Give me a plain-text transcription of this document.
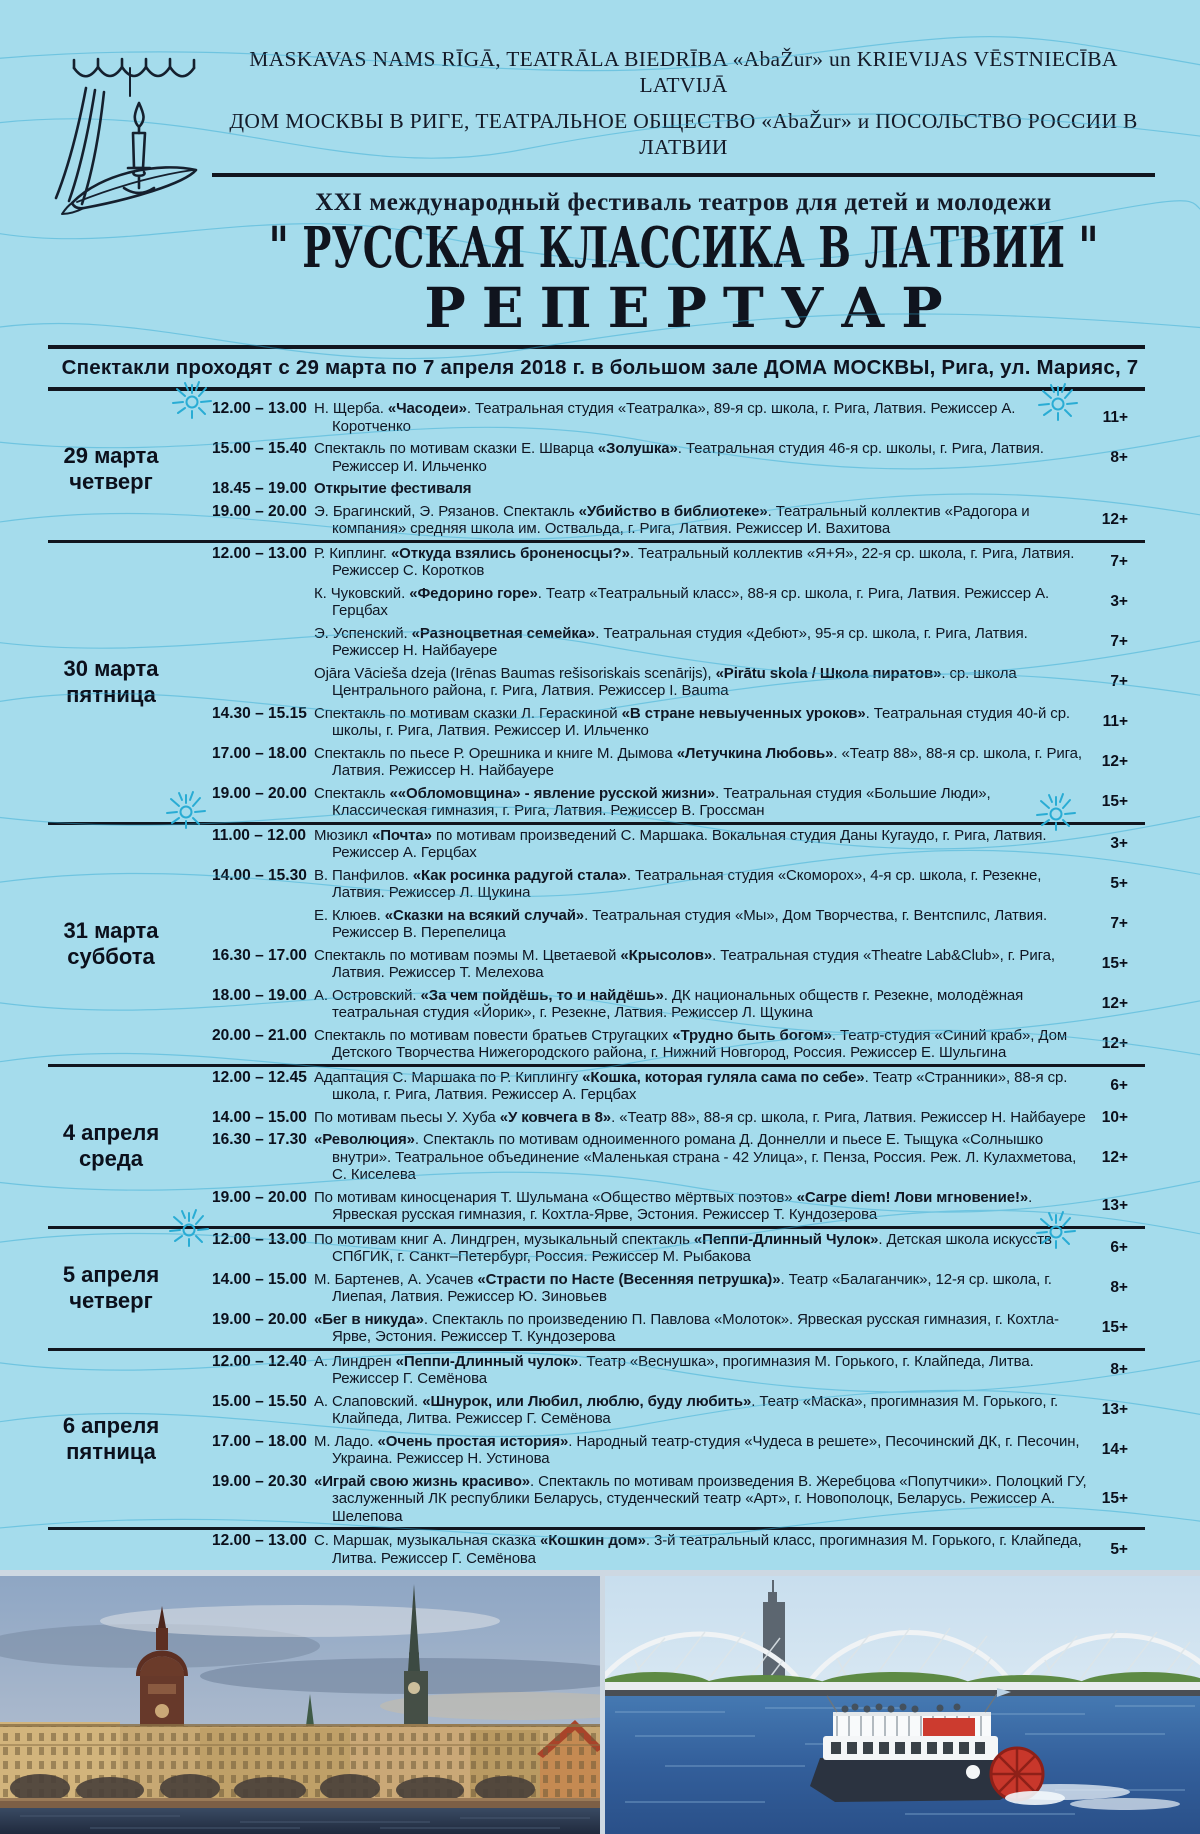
MASKAVAS NAMS RĪGĀ, TEATRĀLA BIEDRĪBA «AbaŽur» un KRIEVIJAS VĒSTNIECĪBA LATVIJĀ
ДОМ МОСКВЫ В РИГЕ, ТЕАТРАЛЬНОЕ ОБЩЕСТВО «AbaŽur» и ПОСОЛЬСТВО РОССИИ В ЛАТВИИ
XXI международный фестиваль театров для детей и молодежи
" РУССКАЯ КЛАССИКА В ЛАТВИИ "
РЕПЕРТУАР
Спектакли проходят с 29 марта по 7 апреля 2018 г. в большом зале ДОМА МОСКВЫ, Рига, ул. Марияс, 7
29 марта
четверг
12.00 – 13.00 Н. Щерба. «Часодеи». Театральная студия «Театралка», 89-я ср. школа, г. Рига, Латвия. Режиссер А. Коротченко
11+
15.00 – 15.40 Спектакль по мотивам сказки Е. Шварца «Золушка». Театральная студия 46-я ср. школы, г. Рига, Латвия. Режиссер И. Ильченко
8+
18.45 – 19.00 Открытие фестиваля
19.00 – 20.00 Э. Брагинский, Э. Рязанов. Спектакль «Убийство в библиотеке». Театральный коллектив «Радогора и компания» средняя школа им. Оствальда, г. Рига, Латвия. Режиссер И. Вахитова
12+
30 марта
пятница
12.00 – 13.00 Р. Киплинг. «Откуда взялись броненосцы?». Театральный коллектив «Я+Я», 22-я ср. школа, г. Рига, Латвия. Режиссер С. Коротков
7+
К. Чуковский. «Федорино горе». Театр «Театральный класс», 88-я ср. школа, г. Рига, Латвия. Режиссер А. Герцбах
3+
Э. Успенский. «Разноцветная семейка». Театральная студия «Дебют», 95-я ср. школа, г. Рига, Латвия. Режиссер Н. Найбауере
7+
Ojāra Vācieša dzeja (Irēnas Baumas rešisoriskais scenārijs), «Pirātu skola / Школа пиратов». ср. школа Центрального района, г. Рига, Латвия. Режиссер I. Bauma
7+
14.30 – 15.15 Спектакль по мотивам сказки Л. Гераскиной «В стране невыученных уроков». Театральная студия 40-й ср. школы, г. Рига, Латвия. Режиссер И. Ильченко
11+
17.00 – 18.00 Спектакль по пьесе Р. Орешника и книге М. Дымова «Летучкина Любовь». «Театр 88», 88-я ср. школа, г. Рига, Латвия. Режиссер Н. Найбауере
12+
19.00 – 20.00 Спектакль ««Обломовщина» - явление русской жизни». Театральная студия «Большие Люди», Классическая гимназия, г. Рига, Латвия. Режиссер В. Гроссман
15+
31 марта
суббота
11.00 – 12.00 Мюзикл «Почта» по мотивам произведений С. Маршака. Вокальная студия Даны Кугаудо, г. Рига, Латвия. Режиссер А. Герцбах
3+
14.00 – 15.30 В. Панфилов. «Как росинка радугой стала». Театральная студия «Скоморох», 4-я ср. школа, г. Резекне, Латвия. Режиссер Л. Щукина
5+
Е. Клюев. «Сказки на всякий случай». Театральная студия «Мы», Дом Творчества, г. Вентспилс, Латвия. Режиссер В. Перепелица
7+
16.30 – 17.00 Спектакль по мотивам поэмы М. Цветаевой «Крысолов». Театральная студия «Theatre Lab&Club», г. Рига, Латвия. Режиссер Т. Мелехова
15+
18.00 – 19.00 А. Островский. «За чем пойдёшь, то и найдёшь». ДК национальных обществ г. Резекне, молодёжная театральная студия «Йорик», г. Резекне, Латвия. Режиссер Л. Щукина
12+
20.00 – 21.00 Спектакль по мотивам повести братьев Стругацких «Трудно быть богом». Театр-студия «Синий краб», Дом Детского Творчества Нижегородского района, г. Нижний Новгород, Россия. Режиссер Е. Шульгина
12+
4 апреля
среда
12.00 – 12.45 Адаптация С. Маршака по Р. Киплингу «Кошка, которая гуляла сама по себе». Театр «Странники», 88-я ср. школа, г. Рига, Латвия. Режиссер А. Герцбах
6+
14.00 – 15.00 По мотивам пьесы У. Хуба «У ковчега в 8». «Театр 88», 88-я ср. школа, г. Рига, Латвия. Режиссер Н. Найбауере	10+
16.30 – 17.30 «Революция». Спектакль по мотивам одноименного романа Д. Доннелли и пьесе Е. Тыщука «Солнышко внутри». Театральное объединение «Маленькая страна - 42 Улица», г. Пенза, Россия. Реж. Л. Кулахметова, С. Киселева
12+
19.00 – 20.00 По мотивам киносценария Т. Шульмана «Общество мёртвых поэтов» «Carpe diem! Лови мгновение!». Ярвеская русская гимназия, г. Кохтла-Ярве, Эстония. Режиссер Т. Кундозерова
13+
5 апреля
четверг
12.00 – 13.00 По мотивам книг А. Линдгрен, музыкальный спектакль «Пеппи-Длинный Чулок». Детская школа искусств СПбГИК, г. Санкт–Петербург, Россия. Режиссер М. Рыбакова
6+
14.00 – 15.00 М. Бартенев, А. Усачев «Страсти по Насте (Весенняя петрушка)». Театр «Балаганчик», 12-я ср. школа, г. Лиепая, Латвия. Режиссер Ю. Зиновьев
8+
19.00 – 20.00 «Бег в никуда». Спектакль по произведению П. Павлова «Молоток». Ярвеская русская гимназия, г. Кохтла-Ярве, Эстония. Режиссер Т. Кундозерова
15+
6 апреля
пятница
12.00 – 12.40 А. Линдрен «Пеппи-Длинный чулок». Театр «Веснушка», прогимназия М. Горького, г. Клайпеда, Литва. Режиссер Г. Семёнова
8+
15.00 – 15.50 А. Слаповский. «Шнурок, или Любил, люблю, буду любить». Театр «Маска», прогимназия М. Горького, г. Клайпеда, Литва. Режиссер Г. Семёнова
13+
17.00 – 18.00 М. Ладо. «Очень простая история». Народный театр-студия «Чудеса в решете», Песочинский ДК, г. Песочин, Украина. Режиссер Н. Устинова
14+
19.00 – 20.30 «Играй свою жизнь красиво». Спектакль по мотивам произведения В. Жеребцова «Попутчики». Полоцкий ГУ, заслуженный ЛК республики Беларусь, студенческий театр «Арт», г. Новополоцк, Беларусь. Режиссер А. Шелепова
15+
12.00 – 13.00 С. Маршак, музыкальная сказка «Кошкин дом». 3-й театральный класс, прогимназия М. Горького, г. Клайпеда, Литва. Режиссер Г. Семёнова
5+
